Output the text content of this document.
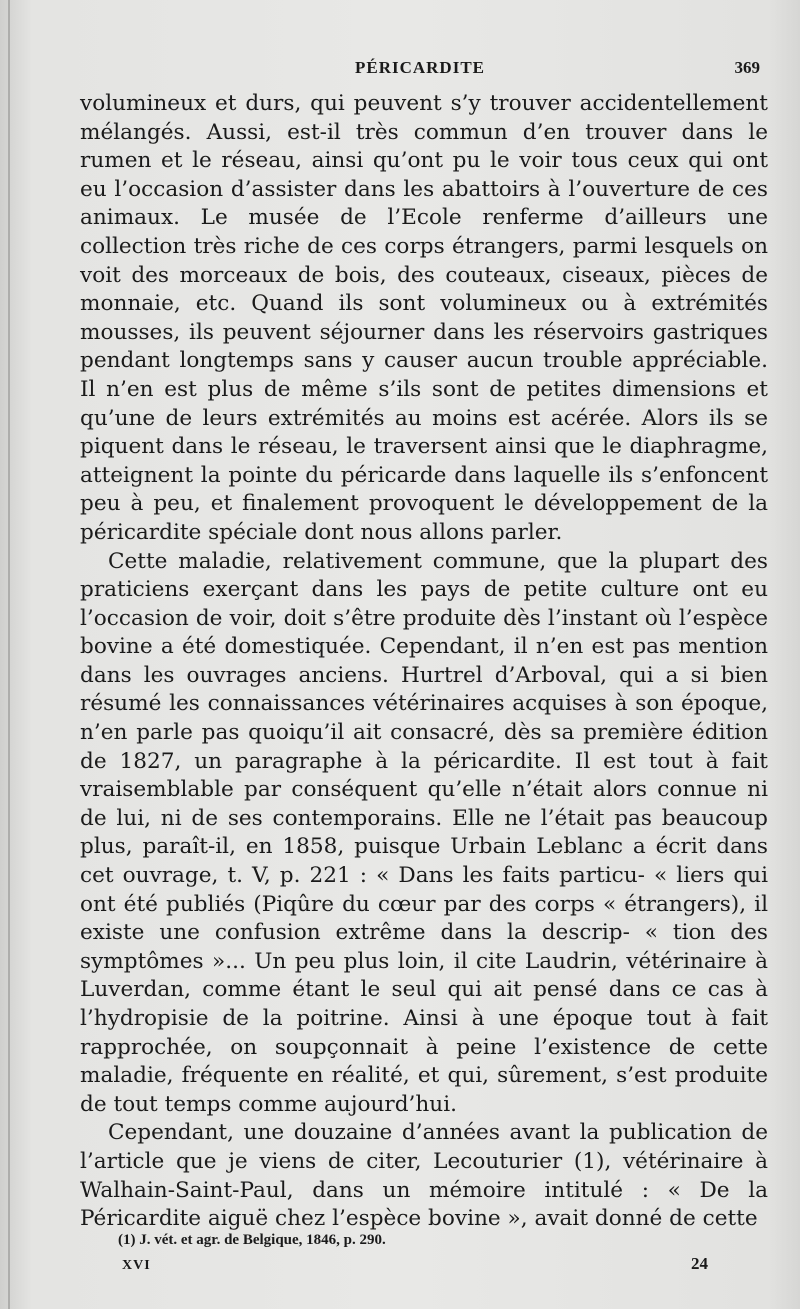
PÉRICARDITE	369

volumineux et durs, qui peuvent s’y trouver accidentellement mélangés. Aussi, est-il très commun d’en trouver dans le rumen et le réseau, ainsi qu’ont pu le voir tous ceux qui ont eu l’occasion d’assister dans les abattoirs à l’ouverture de ces animaux. Le musée de l’Ecole renferme d’ailleurs une collection très riche de ces corps étrangers, parmi lesquels on voit des morceaux de bois, des couteaux, ciseaux, pièces de monnaie, etc. Quand ils sont volumineux ou à extrémités mousses, ils peuvent séjourner dans les réservoirs gastriques pendant longtemps sans y causer aucun trouble appréciable. Il n’en est plus de même s’ils sont de petites dimensions et qu’une de leurs extrémités au moins est acérée. Alors ils se piquent dans le réseau, le traversent ainsi que le diaphragme, atteignent la pointe du péricarde dans laquelle ils s’enfoncent peu à peu, et finalement provoquent le développement de la péricardite spéciale dont nous allons parler.

Cette maladie, relativement commune, que la plupart des praticiens exerçant dans les pays de petite culture ont eu l’occasion de voir, doit s’être produite dès l’instant où l’espèce bovine a été domestiquée. Cependant, il n’en est pas mention dans les ouvrages anciens. Hurtrel d’Arboval, qui a si bien résumé les connaissances vétérinaires acquises à son époque, n’en parle pas quoiqu’il ait consacré, dès sa première édition de 1827, un paragraphe à la péricardite. Il est tout à fait vraisemblable par conséquent qu’elle n’était alors connue ni de lui, ni de ses contemporains. Elle ne l’était pas beaucoup plus, paraît-il, en 1858, puisque Urbain Leblanc a écrit dans cet ouvrage, t. V, p. 221 : « Dans les faits particu- « liers qui ont été publiés (Piqûre du cœur par des corps « étrangers), il existe une confusion extrême dans la descrip- « tion des symptômes »... Un peu plus loin, il cite Laudrin, vétérinaire à Luverdan, comme étant le seul qui ait pensé dans ce cas à l’hydropisie de la poitrine. Ainsi à une époque tout à fait rapprochée, on soupçonnait à peine l’existence de cette maladie, fréquente en réalité, et qui, sûrement, s’est produite de tout temps comme aujourd’hui.

Cependant, une douzaine d’années avant la publication de l’article que je viens de citer, Lecouturier (1), vétérinaire à Walhain-Saint-Paul, dans un mémoire intitulé : « De la Péricardite aiguë chez l’espèce bovine », avait donné de cette

(1) J. vét. et agr. de Belgique, 1846, p. 290.
XVI	24
